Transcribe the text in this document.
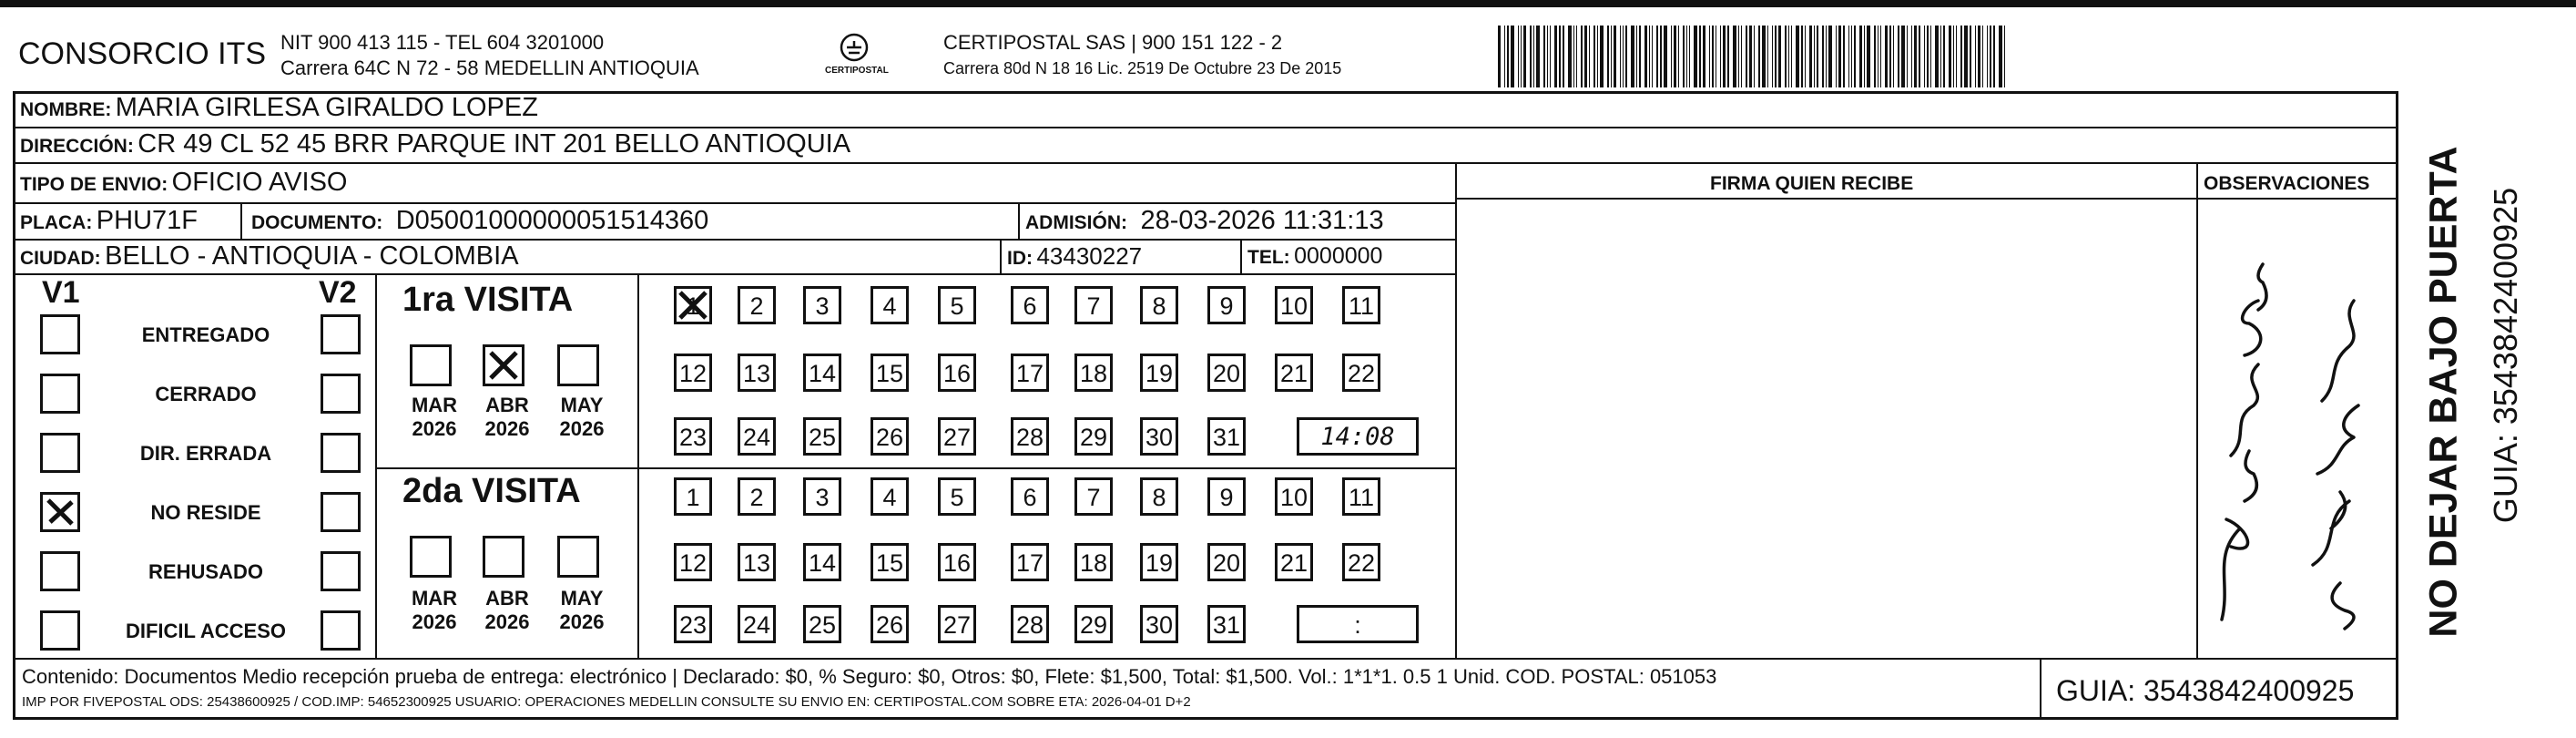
CONSORCIO ITS NIT 900 413 115 - TEL 604 3201000
Carrera 64C N 72 - 58 MEDELLIN ANTIOQUIA	CERTIPOSTAL
CERTIPOSTAL SAS | 900 151 122 - 2
Carrera 80d N 18 16 Lic. 2519 De Octubre 23 De 2015
NOMBRE: MARIA GIRLESA GIRALDO LOPEZ
DIRECCIÓN: CR 49 CL 52 45 BRR PARQUE INT 201 BELLO ANTIOQUIA
TIPO DE ENVIO: OFICIO AVISO
PLACA: PHU71F	DOCUMENTO: D05001000000051514360	ADMISIÓN: 28-03-2026 11:31:13
CIUDAD: BELLO - ANTIOQUIA - COLOMBIA	ID: 43430227	TEL: 0000000
FIRMA QUIEN RECIBE	OBSERVACIONES
V1	V2
ENTREGADO
CERRADO
DIR. ERRADA
NO RESIDE
REHUSADO
DIFICIL ACCESO
1ra VISITA
2da VISITA
MAR
2026
ABR
2026
MAY
2026
MAR
2026
ABR
2026
MAY
2026
1	2	3	4	5	6	7	8	9	10 11
12 13 14 15 16 17 18 19 20 21 22
23 24 25 26 27 28 29 30 31	14:08
1	2	3	4	5	6	7	8	9	10 11
12 13 14 15 16 17 18 19 20 21 22
23 24 25 26 27 28 29 30 31	:
Contenido: Documentos Medio recepción prueba de entrega: electrónico | Declarado: $0, % Seguro: $0, Otros: $0, Flete: $1,500, Total: $1,500. Vol.: 1*1*1. 0.5 1 Unid. COD. POSTAL: 051053
IMP POR FIVEPOSTAL ODS: 25438600925 / COD.IMP: 54652300925 USUARIO: OPERACIONES MEDELLIN CONSULTE SU ENVIO EN: CERTIPOSTAL.COM SOBRE ETA: 2026-04-01 D+2	GUIA: 3543842400925
NO DEJAR BAJO PUERTA GUIA: 3543842400925
